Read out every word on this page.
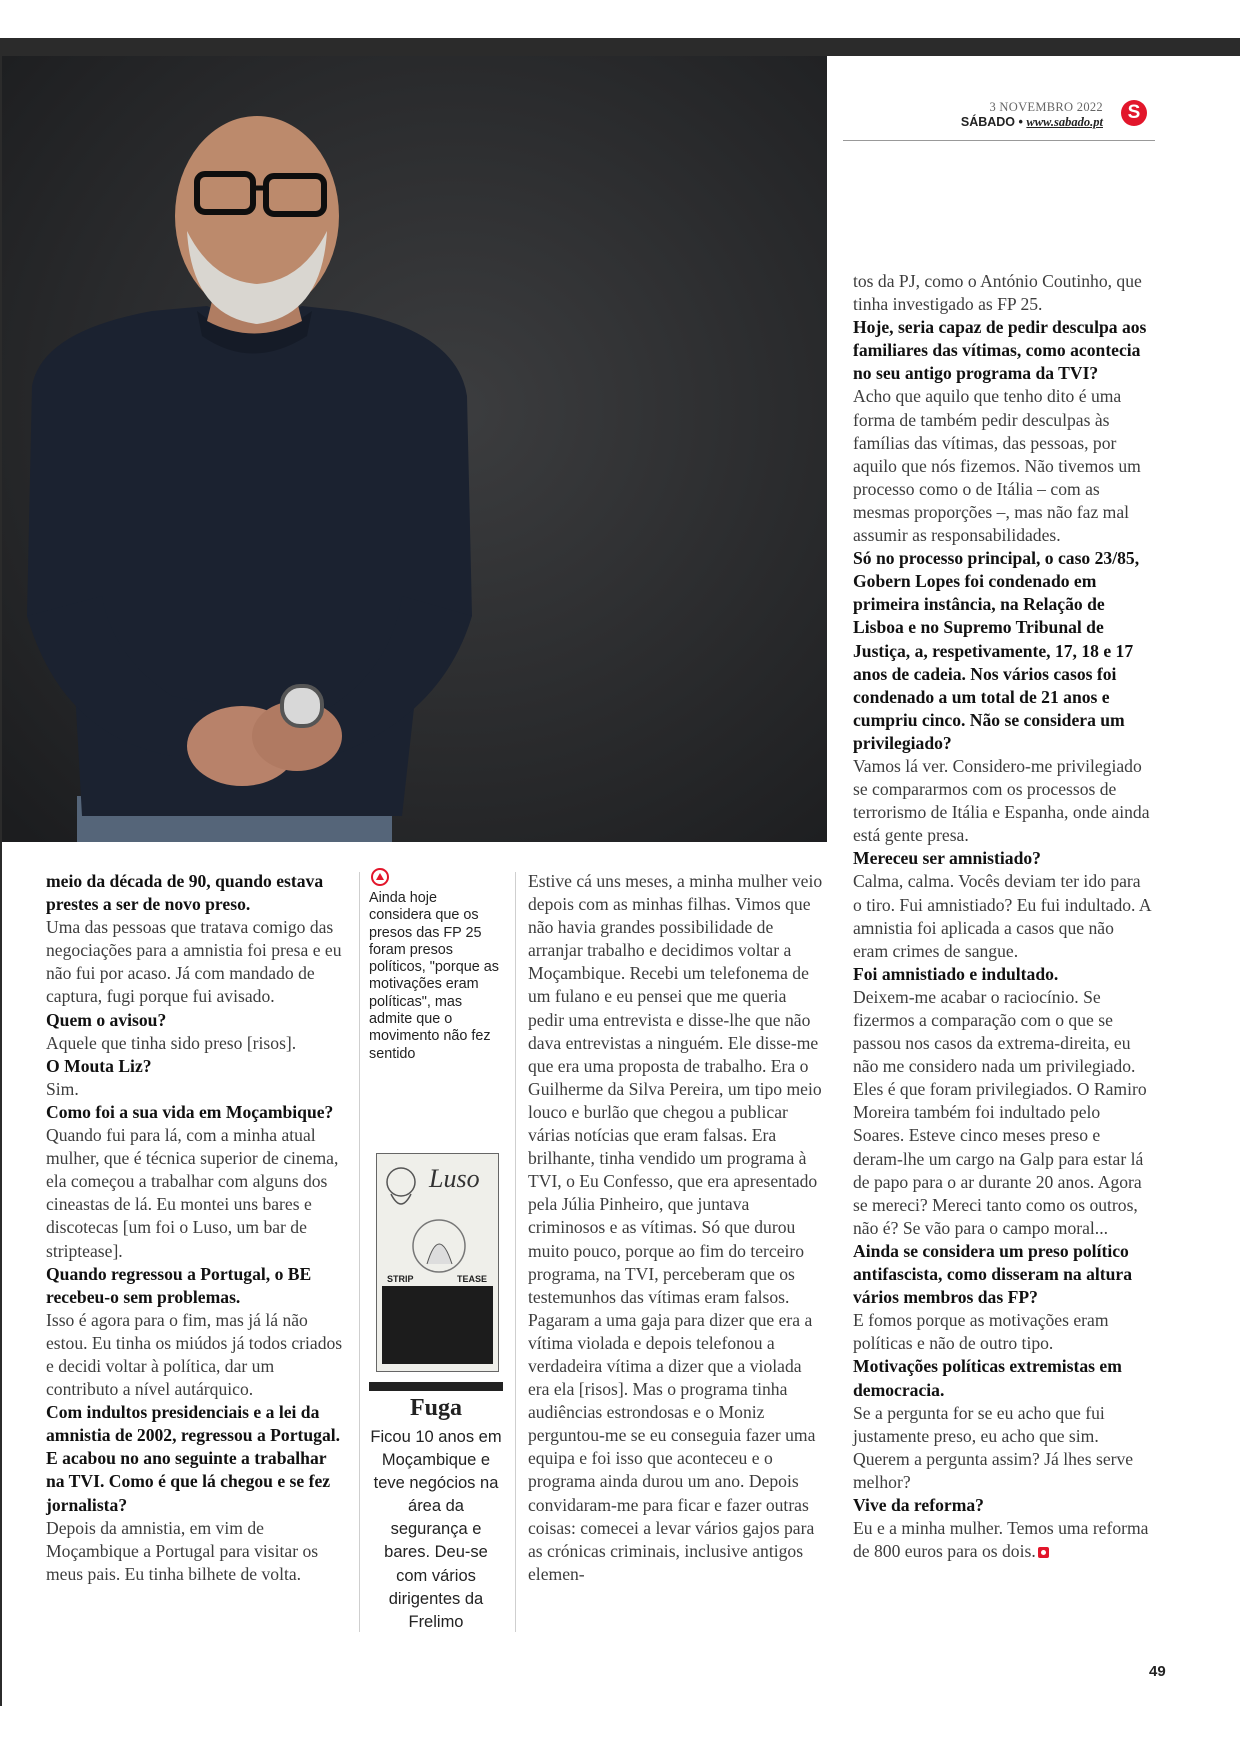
3 NOVEMBRO 2022
SÁBADO • www.sabado.pt	S

meio da década de 90, quando estava prestes a ser de novo preso.

Uma das pessoas que tratava comigo das negociações para a amnistia foi presa e eu não fui por acaso. Já com mandado de captura, fugi porque fui avisado.

Quem o avisou?

Aquele que tinha sido preso [risos].

O Mouta Liz?

Sim.

Como foi a sua vida em Moçambique?

Quando fui para lá, com a minha atual mulher, que é técnica superior de cinema, ela começou a trabalhar com alguns dos cineastas de lá. Eu montei uns bares e discotecas [um foi o Luso, um bar de striptease].

Quando regressou a Portugal, o BE recebeu-o sem problemas.

Isso é agora para o fim, mas já lá não estou. Eu tinha os miúdos já todos criados e decidi voltar à política, dar um contributo a nível autárquico.

Com indultos presidenciais e a lei da amnistia de 2002, regressou a Portugal. E acabou no ano seguinte a trabalhar na TVI. Como é que lá chegou e se fez jornalista?

Depois da amnistia, em vim de Moçambique a Portugal para visitar os meus pais. Eu tinha bilhete de volta.

Ainda hoje considera que os presos das FP 25 foram presos políticos, "porque as motivações eram políticas", mas admite que o movimento não fez sentido
Luso
STRIP	TEASE
Fuga
Ficou 10 anos em Moçambique e teve negócios na área da segurança e bares. Deu-se com vários dirigentes da Frelimo

Estive cá uns meses, a minha mulher veio depois com as minhas filhas. Vimos que não havia grandes possibilidade de arranjar trabalho e decidimos voltar a Moçambique. Recebi um telefonema de um fulano e eu pensei que me queria pedir uma entrevista e disse-lhe que não dava entrevistas a ninguém. Ele disse-me que era uma proposta de trabalho. Era o Guilherme da Silva Pereira, um tipo meio louco e burlão que chegou a publicar várias notícias que eram falsas. Era brilhante, tinha vendido um programa à TVI, o Eu Confesso, que era apresentado pela Júlia Pinheiro, que juntava criminosos e as vítimas. Só que durou muito pouco, porque ao fim do terceiro programa, na TVI, perceberam que os testemunhos das vítimas eram falsos. Pagaram a uma gaja para dizer que era a vítima violada e depois telefonou a verdadeira vítima a dizer que a violada era ela [risos]. Mas o programa tinha audiências estrondosas e o Moniz perguntou-me se eu conseguia fazer uma equipa e foi isso que aconteceu e o programa ainda durou um ano. Depois convidaram-me para ficar e fazer outras coisas: comecei a levar vários gajos para as crónicas criminais, inclusive antigos elemen-

tos da PJ, como o António Coutinho, que tinha investigado as FP 25.

Hoje, seria capaz de pedir desculpa aos familiares das vítimas, como acontecia no seu antigo programa da TVI?

Acho que aquilo que tenho dito é uma forma de também pedir desculpas às famílias das vítimas, das pessoas, por aquilo que nós fizemos. Não tivemos um processo como o de Itália – com as mesmas proporções –, mas não faz mal assumir as responsabilidades.

Só no processo principal, o caso 23/85, Gobern Lopes foi condenado em primeira instância, na Relação de Lisboa e no Supremo Tribunal de Justiça, a, respetivamente, 17, 18 e 17 anos de cadeia. Nos vários casos foi condenado a um total de 21 anos e cumpriu cinco. Não se considera um privilegiado?

Vamos lá ver. Considero-me privilegiado se compararmos com os processos de terrorismo de Itália e Espanha, onde ainda está gente presa.

Mereceu ser amnistiado?

Calma, calma. Vocês deviam ter ido para o tiro. Fui amnistiado? Eu fui indultado. A amnistia foi aplicada a casos que não eram crimes de sangue.

Foi amnistiado e indultado.

Deixem-me acabar o raciocínio. Se fizermos a comparação com o que se passou nos casos da extrema-direita, eu não me considero nada um privilegiado. Eles é que foram privilegiados. O Ramiro Moreira também foi indultado pelo Soares. Esteve cinco meses preso e deram-lhe um cargo na Galp para estar lá de papo para o ar durante 20 anos. Agora se mereci? Mereci tanto como os outros, não é? Se vão para o campo moral...

Ainda se considera um preso político antifascista, como disseram na altura vários membros das FP?

E fomos porque as motivações eram políticas e não de outro tipo.

Motivações políticas extremistas em democracia.

Se a pergunta for se eu acho que fui justamente preso, eu acho que sim. Querem a pergunta assim? Já lhes serve melhor?

Vive da reforma?

Eu e a minha mulher. Temos uma reforma de 800 euros para os dois.

49
